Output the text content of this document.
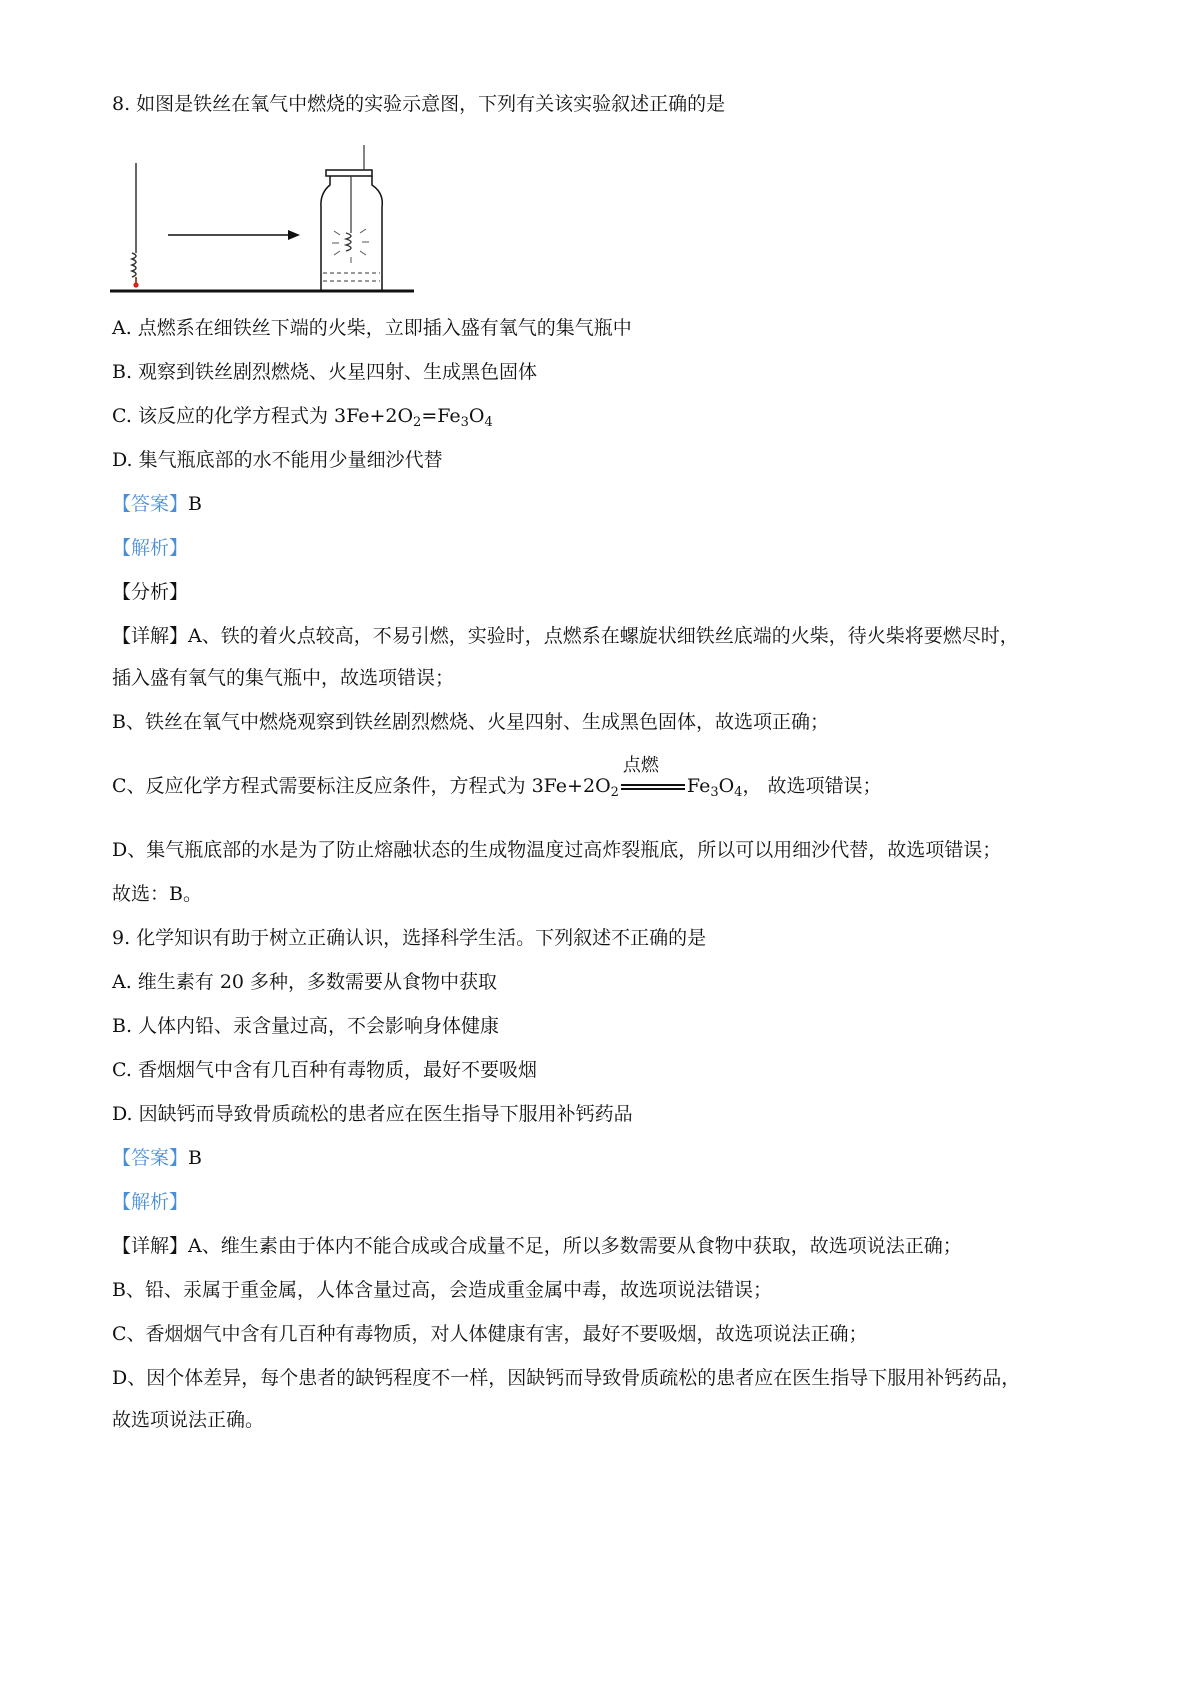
8. 如图是铁丝在氧气中燃烧的实验示意图，下列有关该实验叙述正确的是
A. 点燃系在细铁丝下端的火柴，立即插入盛有氧气的集气瓶中
B. 观察到铁丝剧烈燃烧、火星四射、生成黑色固体
C. 该反应的化学方程式为 $3Fe+2O_2=Fe_3O_4$
D. 集气瓶底部的水不能用少量细沙代替
【答案】B
【解析】
【分析】
【详解】A、铁的着火点较高，不易引燃，实验时，点燃系在螺旋状细铁丝底端的火柴，待火柴将要燃尽时，
插入盛有氧气的集气瓶中，故选项错误；
B、铁丝在氧气中燃烧观察到铁丝剧烈燃烧、火星四射、生成黑色固体，故选项正确；
C、反应化学方程式需要标注反应条件，方程式为 $3Fe+2O_2$
点燃
$Fe_3O_4$， 故选项错误；
D、集气瓶底部的水是为了防止熔融状态的生成物温度过高炸裂瓶底，所以可以用细沙代替，故选项错误；
故选：B。
9. 化学知识有助于树立正确认识，选择科学生活。下列叙述不正确的是
A. 维生素有 20 多种，多数需要从食物中获取
B. 人体内铅、汞含量过高，不会影响身体健康
C. 香烟烟气中含有几百种有毒物质，最好不要吸烟
D. 因缺钙而导致骨质疏松的患者应在医生指导下服用补钙药品
【答案】B
【解析】
【详解】A、维生素由于体内不能合成或合成量不足，所以多数需要从食物中获取，故选项说法正确；
B、铅、汞属于重金属，人体含量过高，会造成重金属中毒，故选项说法错误；
C、香烟烟气中含有几百种有毒物质，对人体健康有害，最好不要吸烟，故选项说法正确；
D、因个体差异，每个患者的缺钙程度不一样，因缺钙而导致骨质疏松的患者应在医生指导下服用补钙药品，
故选项说法正确。
